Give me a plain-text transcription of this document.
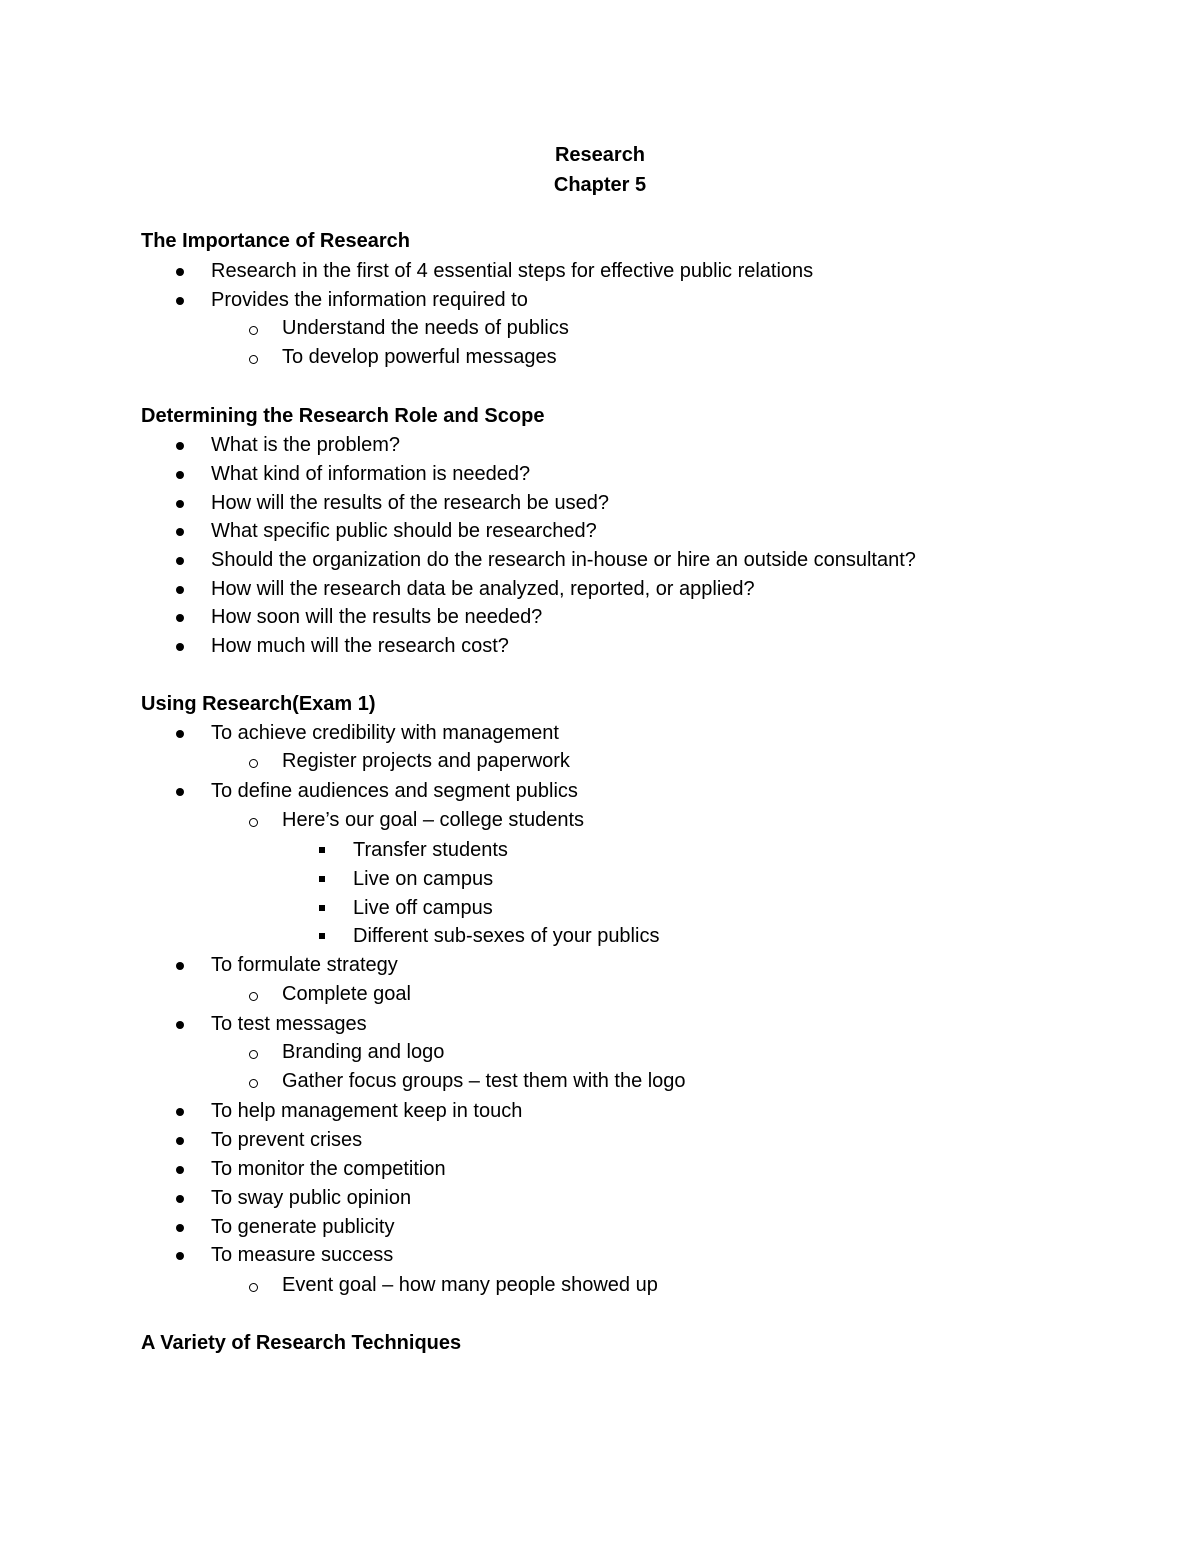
Research
Chapter 5
The Importance of Research
Research in the first of 4 essential steps for effective public relations
Provides the information required to
Understand the needs of publics
To develop powerful messages
Determining the Research Role and Scope
What is the problem?
What kind of information is needed?
How will the results of the research be used?
What specific public should be researched?
Should the organization do the research in-house or hire an outside consultant?
How will the research data be analyzed, reported, or applied?
How soon will the results be needed?
How much will the research cost?
Using Research(Exam 1)
To achieve credibility with management
Register projects and paperwork
To define audiences and segment publics
Here’s our goal – college students
Transfer students
Live on campus
Live off campus
Different sub-sexes of your publics
To formulate strategy
Complete goal
To test messages
Branding and logo
Gather focus groups – test them with the logo
To help management keep in touch
To prevent crises
To monitor the competition
To sway public opinion
To generate publicity
To measure success
Event goal – how many people showed up
A Variety of Research Techniques
